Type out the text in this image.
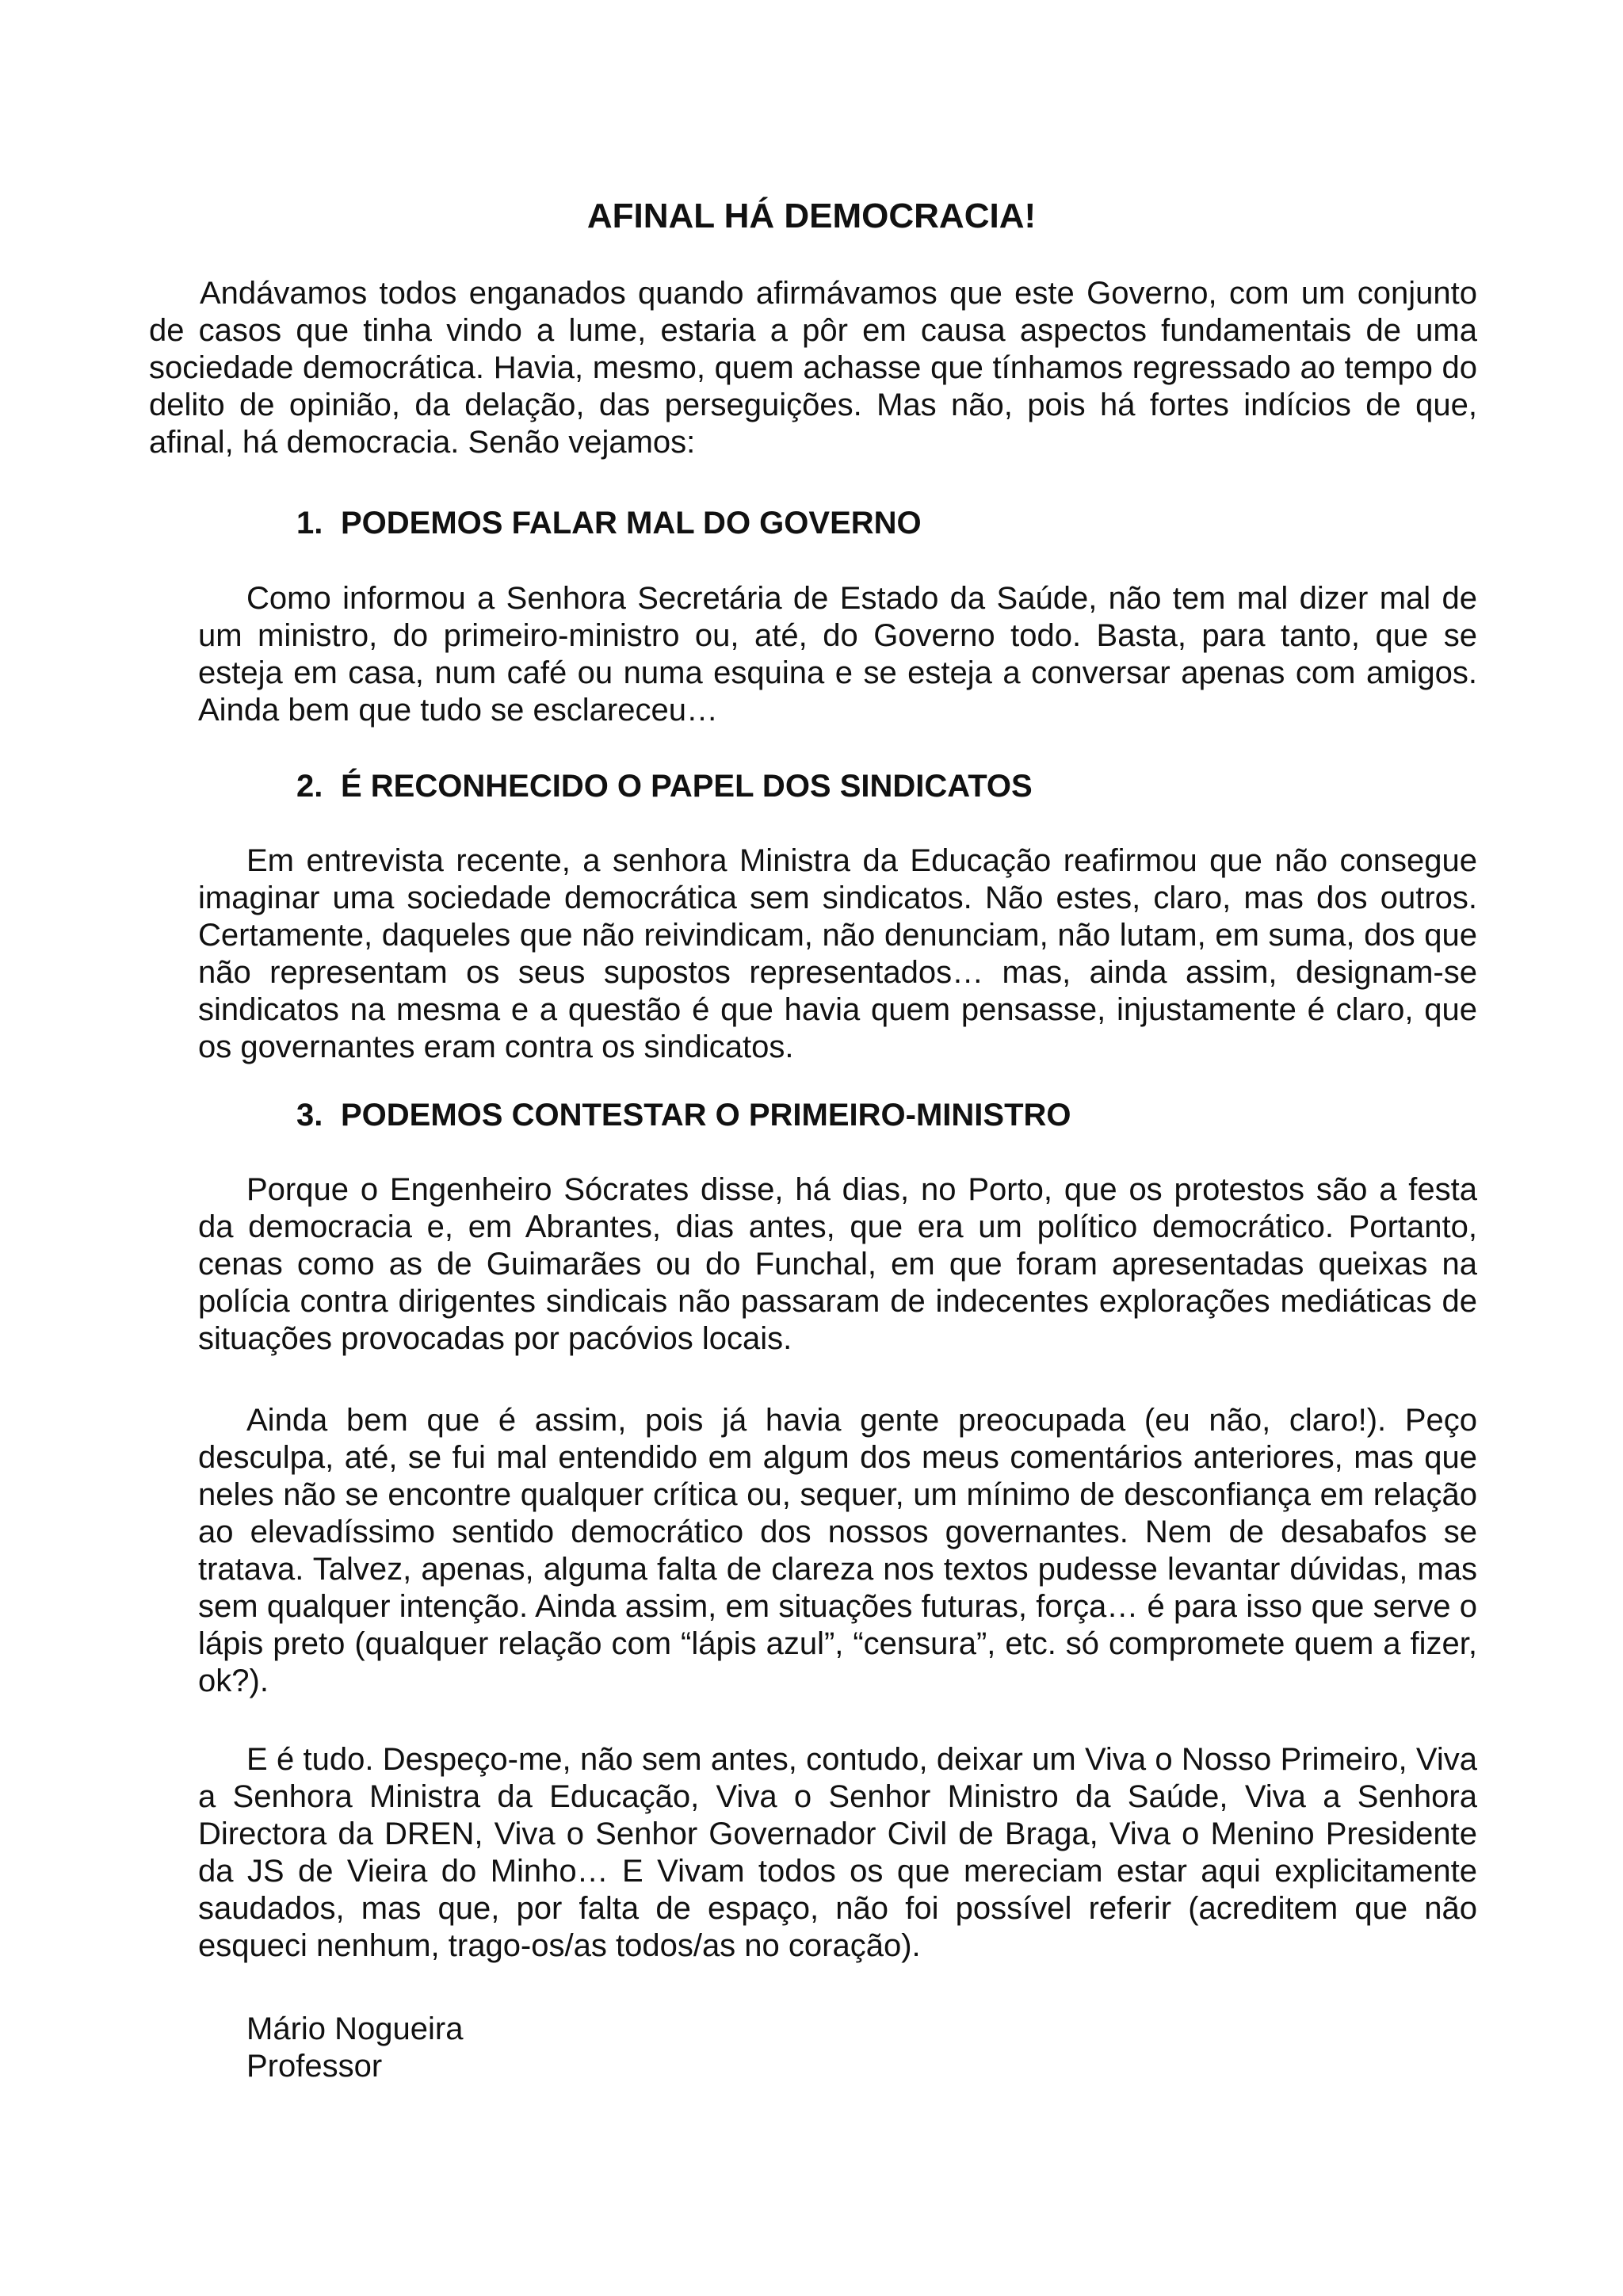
AFINAL HÁ DEMOCRACIA!

Andávamos todos enganados quando afirmávamos que este Governo, com um conjunto de casos que tinha vindo a lume, estaria a pôr em causa aspectos fundamentais de uma sociedade democrática. Havia, mesmo, quem achasse que tínhamos regressado ao tempo do delito de opinião, da delação, das perseguições. Mas não, pois há fortes indícios de que, afinal, há democracia. Senão vejamos:

1. PODEMOS FALAR MAL DO GOVERNO

Como informou a Senhora Secretária de Estado da Saúde, não tem mal dizer mal de um ministro, do primeiro-ministro ou, até, do Governo todo. Basta, para tanto, que se esteja em casa, num café ou numa esquina e se esteja a conversar apenas com amigos. Ainda bem que tudo se esclareceu…

2. É RECONHECIDO O PAPEL DOS SINDICATOS

Em entrevista recente, a senhora Ministra da Educação reafirmou que não consegue imaginar uma sociedade democrática sem sindicatos. Não estes, claro, mas dos outros. Certamente, daqueles que não reivindicam, não denunciam, não lutam, em suma, dos que não representam os seus supostos representados… mas, ainda assim, designam-se sindicatos na mesma e a questão é que havia quem pensasse, injustamente é claro, que os governantes eram contra os sindicatos.

3. PODEMOS CONTESTAR O PRIMEIRO-MINISTRO

Porque o Engenheiro Sócrates disse, há dias, no Porto, que os protestos são a festa da democracia e, em Abrantes, dias antes, que era um político democrático. Portanto, cenas como as de Guimarães ou do Funchal, em que foram apresentadas queixas na polícia contra dirigentes sindicais não passaram de indecentes explorações mediáticas de situações provocadas por pacóvios locais.

Ainda bem que é assim, pois já havia gente preocupada (eu não, claro!). Peço desculpa, até, se fui mal entendido em algum dos meus comentários anteriores, mas que neles não se encontre qualquer crítica ou, sequer, um mínimo de desconfiança em relação ao elevadíssimo sentido democrático dos nossos governantes. Nem de desabafos se tratava. Talvez, apenas, alguma falta de clareza nos textos pudesse levantar dúvidas, mas sem qualquer intenção. Ainda assim, em situações futuras, força… é para isso que serve o lápis preto (qualquer relação com “lápis azul”, “censura”, etc. só compromete quem a fizer, ok?).

E é tudo. Despeço-me, não sem antes, contudo, deixar um Viva o Nosso Primeiro, Viva a Senhora Ministra da Educação, Viva o Senhor Ministro da Saúde, Viva a Senhora Directora da DREN, Viva o Senhor Governador Civil de Braga, Viva o Menino Presidente da JS de Vieira do Minho… E Vivam todos os que mereciam estar aqui explicitamente saudados, mas que, por falta de espaço, não foi possível referir (acreditem que não esqueci nenhum, trago-os/as todos/as no coração).

Mário Nogueira
Professor
